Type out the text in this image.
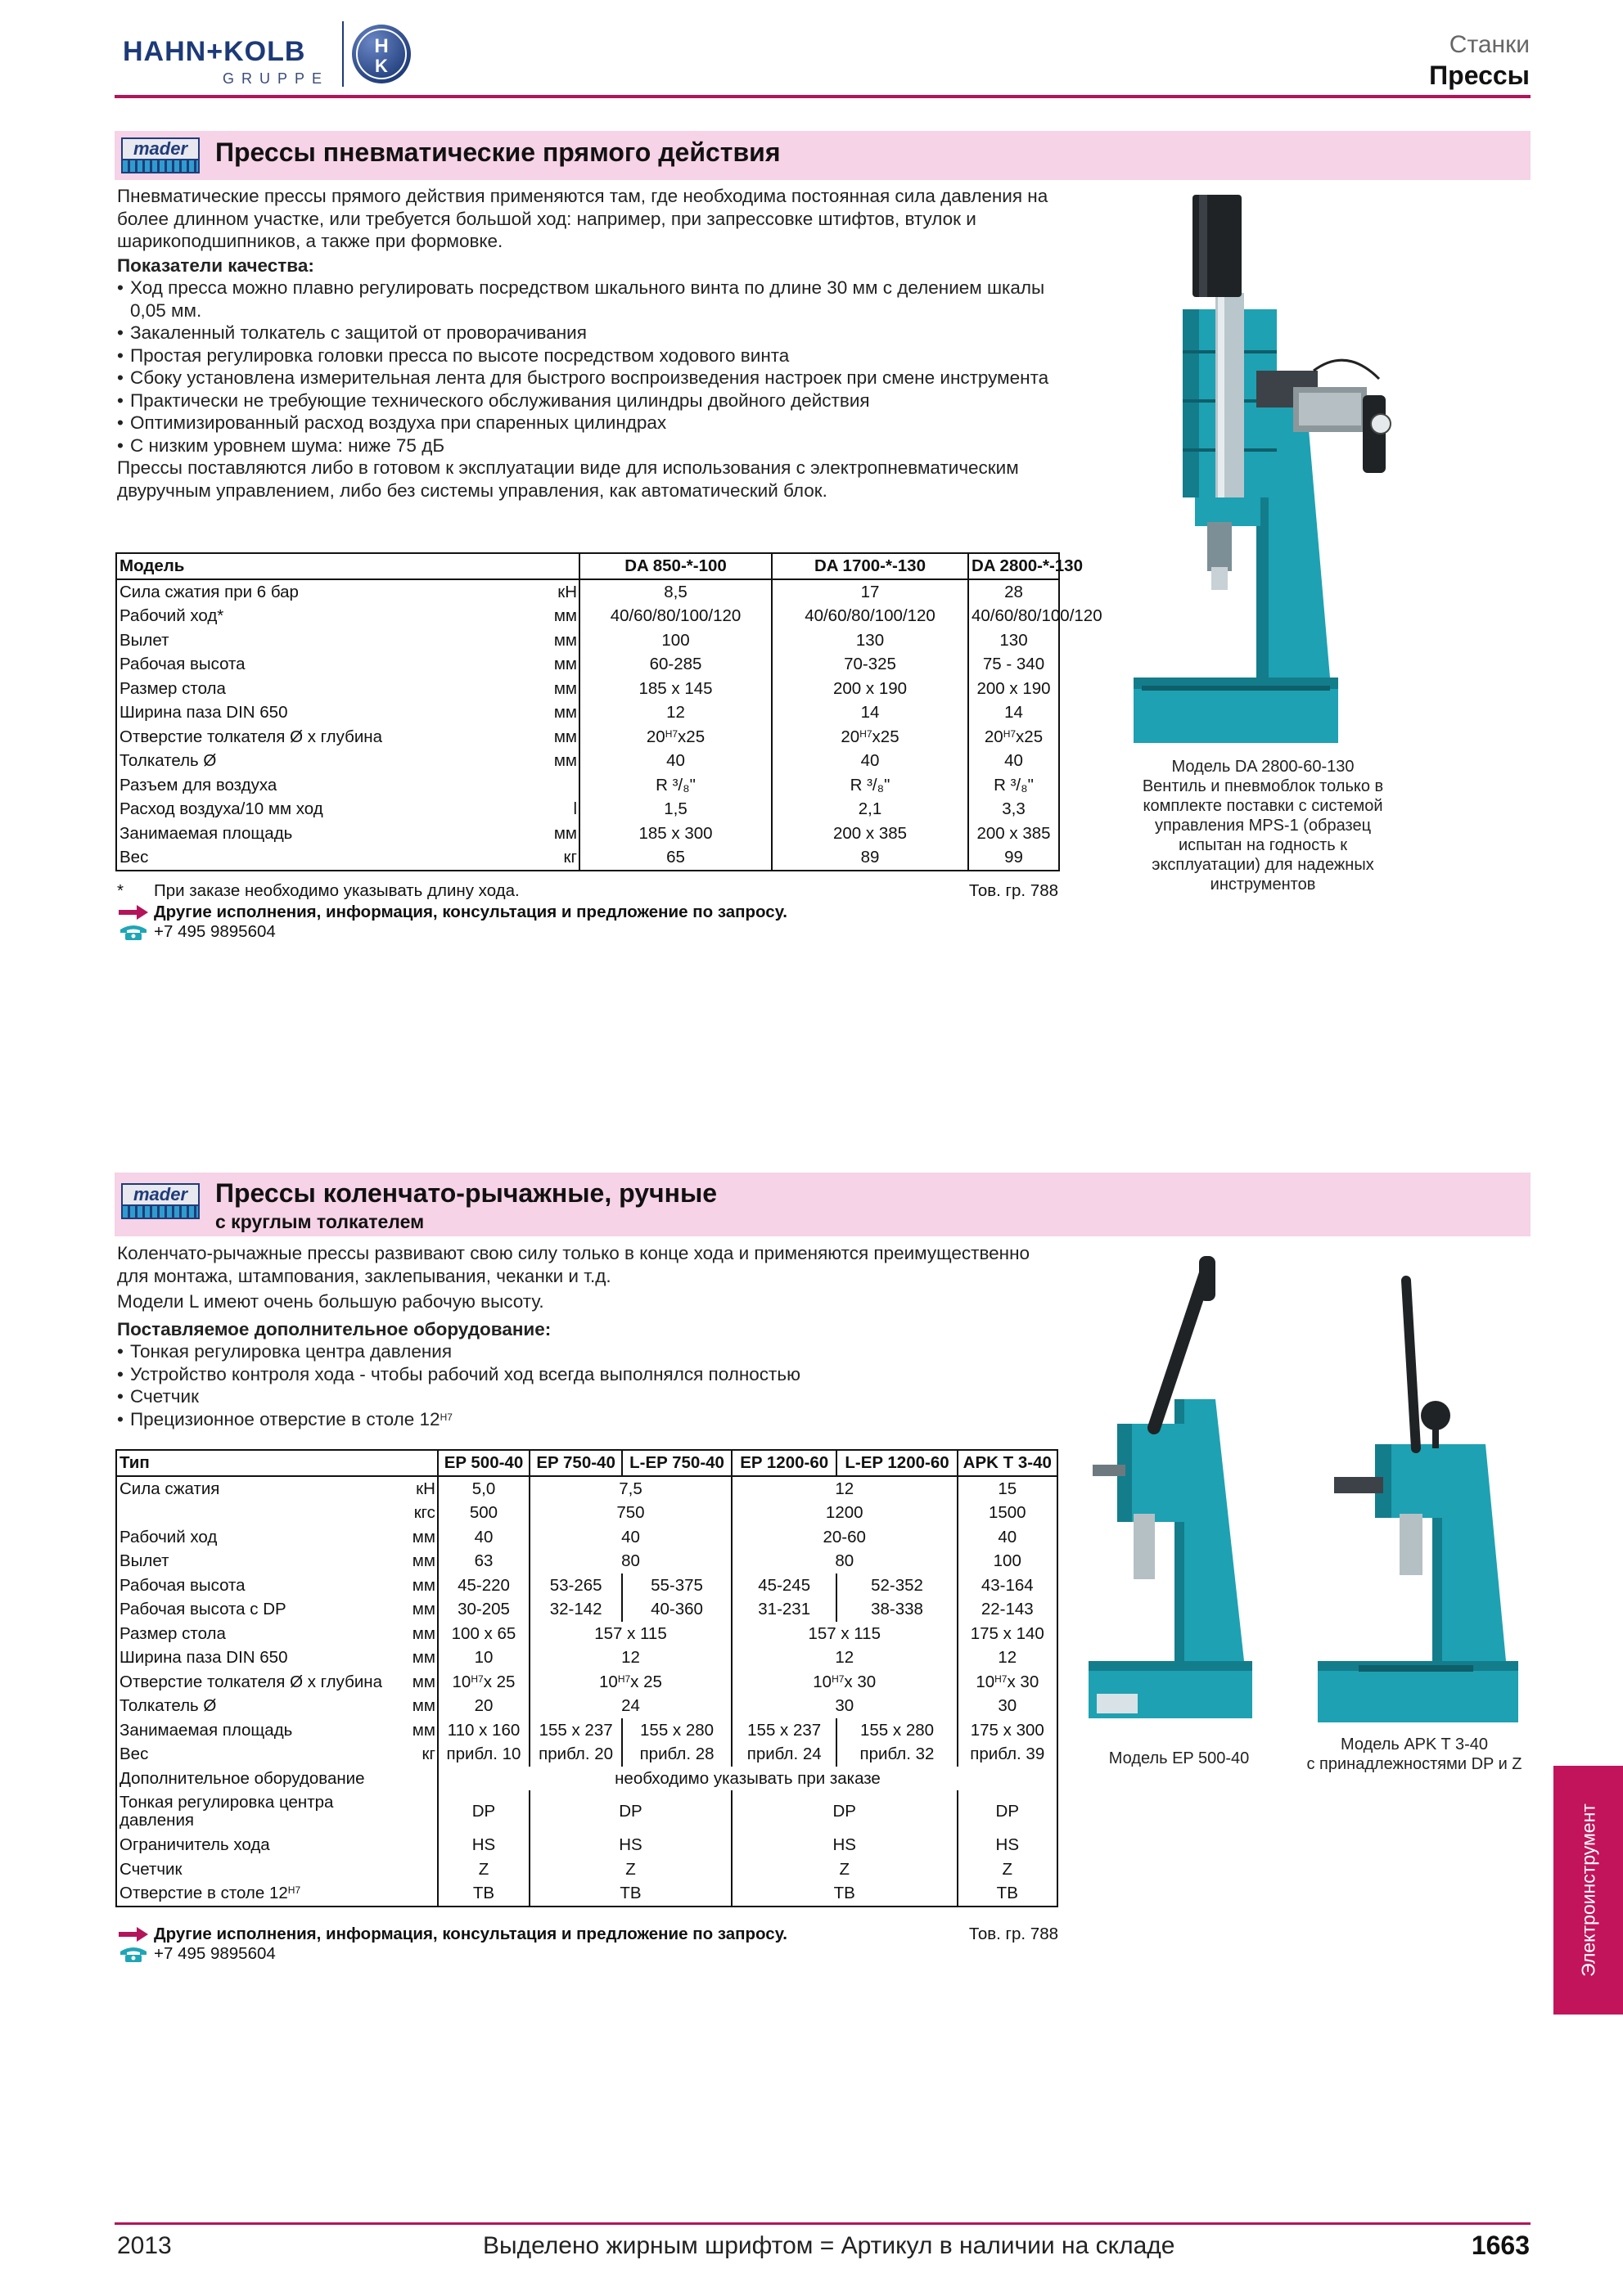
HAHN+KOLB
GRUPPE
H
K
Станки
Прессы
mader	Прессы пневматические прямого действия
Пневматические прессы прямого действия применяются там, где необходима постоянная сила давления на более длинном участке, или требуется большой ход: например, при запрессовке штифтов, втулок и шарикоподшипников, а также при формовке.
Показатели качества:
• Ход пресса можно плавно регулировать посредством шкального винта по длине 30 мм с делением шкалы 0,05 мм.
• Закаленный толкатель с защитой от проворачивания
• Простая регулировка головки пресса по высоте посредством ходового винта
• Сбоку установлена измерительная лента для быстрого воспроизведения настроек при смене инструмента
• Практически не требующие технического обслуживания цилиндры двойного действия
• Оптимизированный расход воздуха при спаренных цилиндрах
• С низким уровнем шума: ниже 75 дБ
Прессы поставляются либо в готовом к эксплуатации виде для использования с электропневматическим двуручным управлением, либо без системы управления, как автоматический блок.
Модель		DA 850-*-100	DA 1700-*-130	DA 2800-*-130	
Сила сжатия при 6 бар	кН	8,5	17	28	
Рабочий ход*	мм	40/60/80/100/120	40/60/80/100/120	40/60/80/100/120	
Вылет	мм	100	130	130	
Рабочая высота	мм	60-285	70-325	75 - 340	
Размер стола	мм	185 x 145	200 x 190	200 x 190	
Ширина паза DIN 650	мм	12	14	14	
Отверстие толкателя Ø x глубина	мм	$20^{H7}x25$	$20^{H7}x25$	$20^{H7}x25$	
Толкатель Ø	мм	40	40	40	
Разъем для воздуха		R ³/₈"	R ³/₈"	R ³/₈"	
Расход воздуха/10 мм ход	l	1,5	2,1	3,3	
Занимаемая площадь	мм	185 x 300	200 x 385	200 x 385	
Вес	кг	65	89	99	
* При заказе необходимо указывать длину хода.	Тов. гр. 788
Другие исполнения, информация, консультация и предложение по запросу.
+7 495 9895604
Модель DA 2800-60-130
Вентиль и пневмоблок только в комплекте поставки с системой управления MPS-1 (образец испытан на годность к эксплуатации) для надежных инструментов
mader	Прессы коленчато-рычажные, ручные
с круглым толкателем
Коленчато-рычажные прессы развивают свою силу только в конце хода и применяются преимущественно для монтажа, штампования, заклепывания, чеканки и т.д.
Модели L имеют очень большую рабочую высоту.
Поставляемое дополнительное оборудование:
• Тонкая регулировка центра давления
• Устройство контроля хода - чтобы рабочий ход всегда выполнялся полностью
• Счетчик
• Прецизионное отверстие в столе $12^{H7}$
Тип		EP 500-40	EP 750-40	L-EP 750-40	EP 1200-60	L-EP 1200-60	APK T 3-40
Сила сжатия	кН	5,0	7,5		12		15
	кгс	500	750		1200		1500
Рабочий ход	мм	40	40		20-60		40
Вылет	мм	63	80		80		100
Рабочая высота	мм	45-220	53-265	55-375	45-245	52-352	43-164
Рабочая высота с DP	мм	30-205	32-142	40-360	31-231	38-338	22-143
Размер стола	мм	100 x 65	157 x 115		157 x 115		175 x 140
Ширина паза DIN 650	мм	10	12		12		12
Отверстие толкателя Ø x глубина	мм	$10^{H7}x$ 25	$10^{H7}x$ 25		$10^{H7}x$ 30		$10^{H7}x$ 30
Толкатель Ø	мм	20	24		30		30
Занимаемая площадь	мм	110 x 160	155 x 237	155 x 280	155 x 237	155 x 280	175 x 300
Вес	кг	прибл. 10	прибл. 20	прибл. 28	прибл. 24	прибл. 32	прибл. 39
Дополнительное оборудование		необходимо указывать при заказе					
Тонкая регулировка центра давления		DP	DP		DP		DP
Ограничитель хода		HS	HS		HS		HS
Счетчик		Z	Z		Z		Z
Отверстие в столе $12^{H7}$		TB	TB		TB		TB
Другие исполнения, информация, консультация и предложение по запросу.	Тов. гр. 788
+7 495 9895604
Модель EP 500-40
Модель APK T 3-40
с принадлежностями DP и Z
Электроинструмент
2013	Выделено жирным шрифтом = Артикул в наличии на складе	1663
